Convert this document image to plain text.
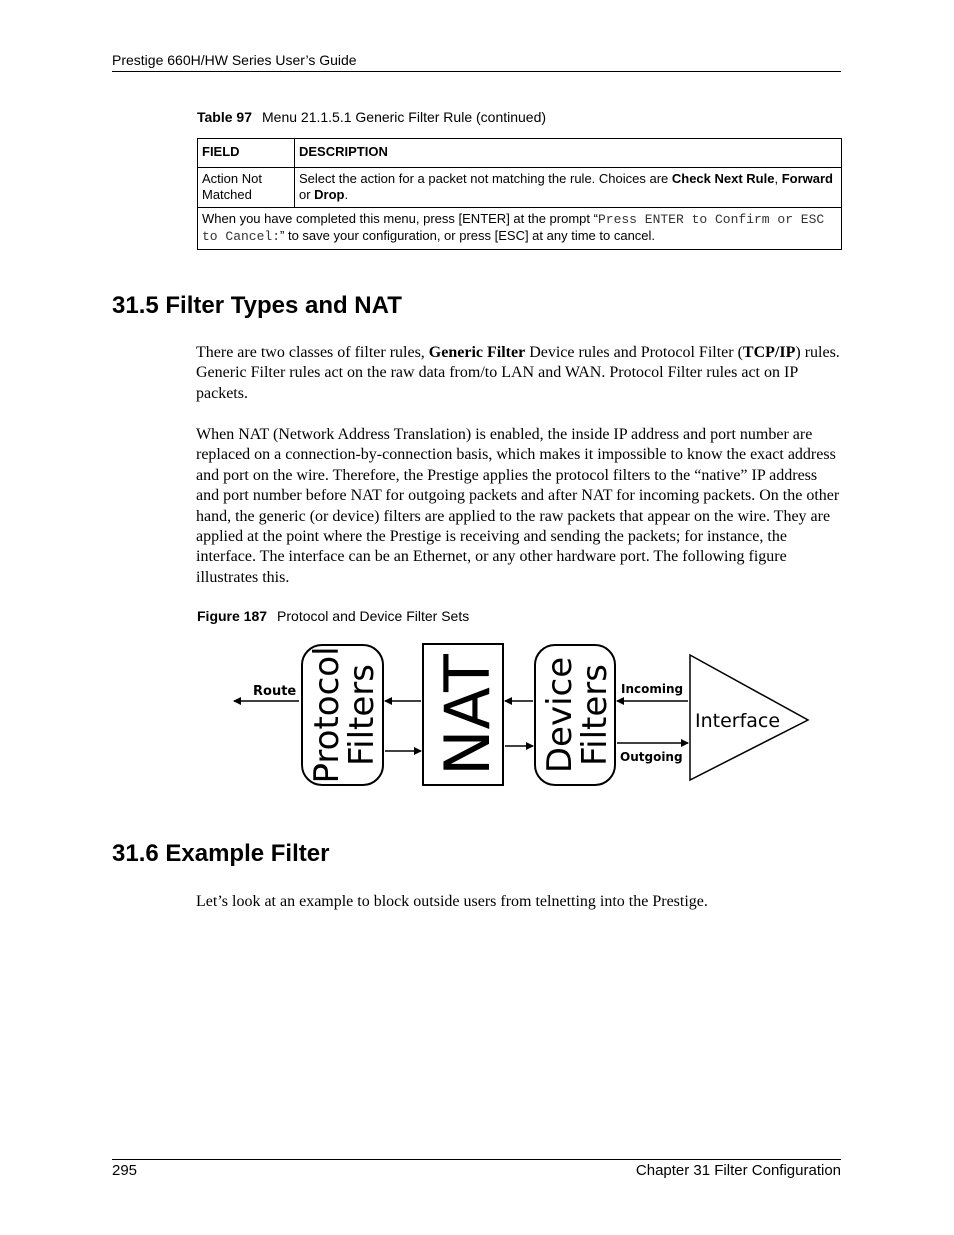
Prestige 660H/HW Series User’s Guide
Table 97 Menu 21.1.5.1 Generic Filter Rule (continued)
FIELD	DESCRIPTION
Action Not Matched	Select the action for a packet not matching the rule. Choices are Check Next Rule, Forward or Drop.
When you have completed this menu, press [ENTER] at the prompt “Press ENTER to Confirm or ESC to Cancel:” to save your configuration, or press [ESC] at any time to cancel.	
31.5 Filter Types and NAT
There are two classes of filter rules, Generic Filter Device rules and Protocol Filter (TCP/IP) rules. Generic Filter rules act on the raw data from/to LAN and WAN. Protocol Filter rules act on IP packets.
When NAT (Network Address Translation) is enabled, the inside IP address and port number are replaced on a connection-by-connection basis, which makes it impossible to know the exact address and port on the wire. Therefore, the Prestige applies the protocol filters to the “native” IP address and port number before NAT for outgoing packets and after NAT for incoming packets. On the other hand, the generic (or device) filters are applied to the raw packets that appear on the wire. They are applied at the point where the Prestige is receiving and sending the packets; for instance, the interface. The interface can be an Ethernet, or any other hardware port. The following figure illustrates this.
Figure 187 Protocol and Device Filter Sets
Route Protocol
Filters NAT Device
Filters Incoming
Outgoing
Interface
31.6 Example Filter
Let’s look at an example to block outside users from telnetting into the Prestige.
295	Chapter 31 Filter Configuration
